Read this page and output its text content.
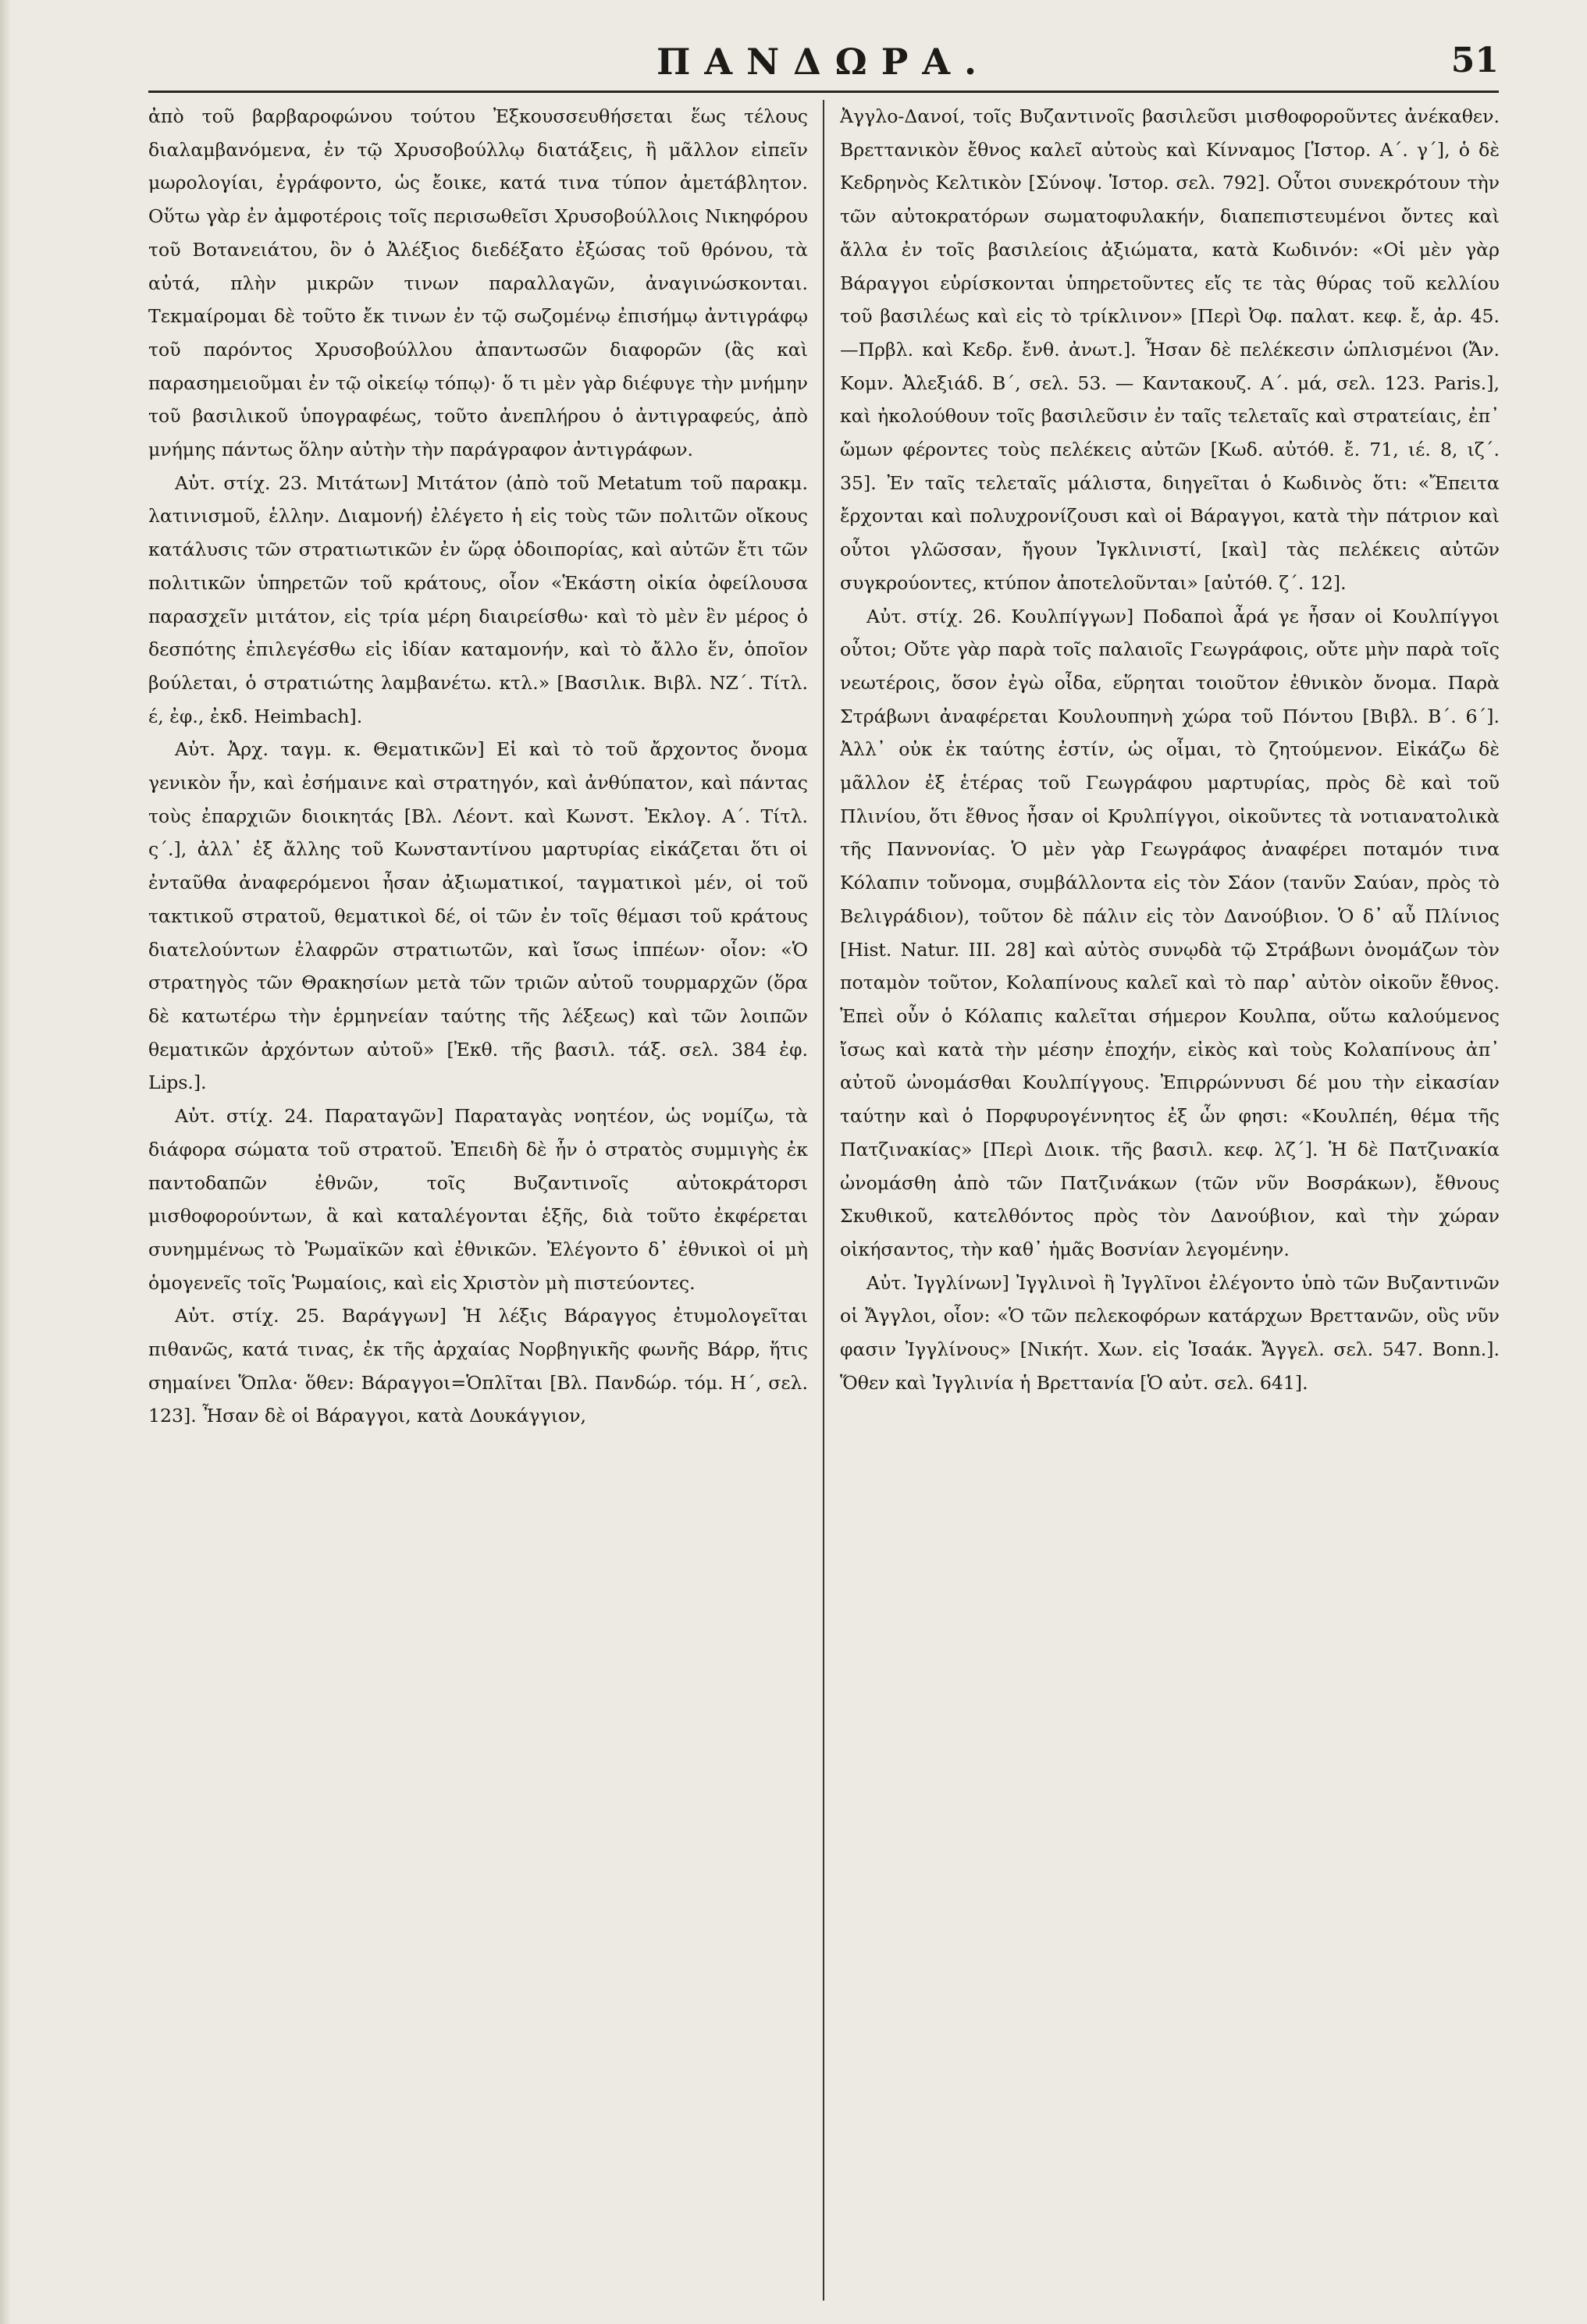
ΠΑΝΔΩΡΑ.	51

ἀπὸ τοῦ βαρβαρoφώνου τούτου Ἐξκουσσευθήσεται ἕως τέλους διαλαμβανόμενα, ἐν τῷ Χρυσοβούλλῳ διατάξεις, ἢ μᾶλλον εἰπεῖν μωρολογίαι, ἐγράφοντο, ὡς ἔοικε, κατά τινα τύπον ἀμετάβλητον. Οὕτω γὰρ ἐν ἀμφοτέροις τοῖς περισωθεῖσι Χρυσοβούλλοις Νικηφόρου τοῦ Βοτανειάτου, ὃν ὁ Ἀλέξιος διεδέξατο ἐξώσας τοῦ θρόνου, τὰ αὐτά, πλὴν μικρῶν τινων παραλλαγῶν, ἀναγινώσκονται. Τεκμαίρομαι δὲ τοῦτο ἔκ τινων ἐν τῷ σωζομένῳ ἐπισήμῳ ἀντιγράφῳ τοῦ παρόντος Χρυσοβούλλου ἀπαντωσῶν διαφορῶν (ἃς καὶ παρασημειοῦμαι ἐν τῷ οἰκείῳ τόπῳ)· ὅ τι μὲν γὰρ διέφυγε τὴν μνήμην τοῦ βασιλικοῦ ὑπογραφέως, τοῦτο ἀνεπλήρου ὁ ἀντιγραφεύς, ἀπὸ μνήμης πάντως ὅλην αὐτὴν τὴν παράγραφον ἀντιγράφων.

Αὐτ. στίχ. 23. Μιτάτων] Μιτάτον (ἀπὸ τοῦ Metatum τοῦ παρακμ. λατινισμοῦ, ἑλλην. Διαμονή) ἐλέγετο ἡ εἰς τοὺς τῶν πολιτῶν οἴκους κατάλυσις τῶν στρατιωτικῶν ἐν ὥρᾳ ὁδοιπορίας, καὶ αὐτῶν ἔτι τῶν πολιτικῶν ὑπηρετῶν τοῦ κράτους, οἷον «Ἑκάστη οἰκία ὀφείλουσα παρασχεῖν μιτάτον, εἰς τρία μέρη διαιρείσθω· καὶ τὸ μὲν ἓν μέρος ὁ δεσπότης ἐπιλεγέσθω εἰς ἰδίαν καταμονήν, καὶ τὸ ἄλλο ἕν, ὁποῖον βούλεται, ὁ στρατιώτης λαμβανέτω. κτλ.» [Βασιλικ. Βιβλ. ΝΖ΄. Τίτλ. έ, ἐφ., ἐκδ. Heimbach].

Αὐτ. Ἀρχ. ταγμ. κ. Θεματικῶν] Εἰ καὶ τὸ τοῦ ἄρχοντος ὄνομα γενικὸν ἦν, καὶ ἐσήμαινε καὶ στρατηγόν, καὶ ἀνθύπατον, καὶ πάντας τοὺς ἐπαρχιῶν διοικητάς [Βλ. Λέοντ. καὶ Κωνστ. Ἐκλογ. Α΄. Τίτλ. ς΄.], ἀλλ᾽ ἐξ ἄλλης τοῦ Κωνσταντίνου μαρτυρίας εἰκάζεται ὅτι οἱ ἐνταῦθα ἀναφερόμενοι ἦσαν ἀξιωματικοί, ταγματικοὶ μέν, οἱ τοῦ τακτικοῦ στρατοῦ, θεματικοὶ δέ, οἱ τῶν ἐν τοῖς θέμασι τοῦ κράτους διατελούντων ἐλαφρῶν στρατιωτῶν, καὶ ἴσως ἱππέων· οἷον: «Ὁ στρατηγὸς τῶν Θρακησίων μετὰ τῶν τριῶν αὐτοῦ τουρμαρχῶν (ὅρα δὲ κατωτέρω τὴν ἑρμηνείαν ταύτης τῆς λέξεως) καὶ τῶν λοιπῶν θεματικῶν ἀρχόντων αὐτοῦ» [Ἐκθ. τῆς βασιλ. τάξ. σελ. 384 ἐφ. Lips.].

Αὐτ. στίχ. 24. Παραταγῶν] Παραταγὰς νοητέον, ὡς νομίζω, τὰ διάφορα σώματα τοῦ στρατοῦ. Ἐπειδὴ δὲ ἦν ὁ στρατὸς συμμιγὴς ἐκ παντοδαπῶν ἐθνῶν, τοῖς Βυζαντινοῖς αὐτοκράτορσι μισθοφορούντων, ἃ καὶ καταλέγονται ἑξῆς, διὰ τοῦτο ἐκφέρεται συνημμένως τὸ Ῥωμαϊκῶν καὶ ἐθνικῶν. Ἐλέγοντο δ᾽ ἐθνικοὶ οἱ μὴ ὁμογενεῖς τοῖς Ῥωμαίοις, καὶ εἰς Χριστὸν μὴ πιστεύοντες.

Αὐτ. στίχ. 25. Βαράγγων] Ἡ λέξις Βάραγγος ἐτυμολογεῖται πιθανῶς, κατά τινας, ἐκ τῆς ἀρχαίας Νορβηγικῆς φωνῆς Βάρρ, ἥτις σημαίνει Ὅπλα· ὅθεν: Βάραγγοι=Ὁπλῖται [Βλ. Πανδώρ. τόμ. Η΄, σελ. 123]. Ἦσαν δὲ οἱ Βάραγγοι, κατὰ Δουκάγγιον,

Ἀγγλο-Δανοί, τοῖς Βυζαντινοῖς βασιλεῦσι μισθοφοροῦντες ἀνέκαθεν. Βρεττανικὸν ἔθνος καλεῖ αὐτοὺς καὶ Κίνναμος [Ἱστορ. Α΄. γ΄], ὁ δὲ Κεδρηνὸς Κελτικὸν [Σύνοψ. Ἱστορ. σελ. 792]. Οὗτοι συνεκρότουν τὴν τῶν αὐτοκρατόρων σωματοφυλακήν, διαπεπιστευμένοι ὄντες καὶ ἄλλα ἐν τοῖς βασιλείοις ἀξιώματα, κατὰ Κωδινόν: «Οἱ μὲν γὰρ Βάραγγοι εὑρίσκονται ὑπηρετοῦντες εἴς τε τὰς θύρας τοῦ κελλίου τοῦ βασιλέως καὶ εἰς τὸ τρίκλινον» [Περὶ Ὀφ. παλατ. κεφ. ἔ, ἀρ. 45. —Πρβλ. καὶ Κεδρ. ἔνθ. ἀνωτ.]. Ἦσαν δὲ πελέκεσιν ὡπλισμένοι (Ἄν. Κομν. Ἀλεξιάδ. Β΄, σελ. 53. — Καντακουζ. Α΄. μά, σελ. 123. Paris.], καὶ ἠκολούθουν τοῖς βασιλεῦσιν ἐν ταῖς τελεταῖς καὶ στρατείαις, ἐπ᾽ ὤμων φέροντες τοὺς πελέκεις αὐτῶν [Κωδ. αὐτόθ. ἔ. 71, ιέ. 8, ιζ΄. 35]. Ἐν ταῖς τελεταῖς μάλιστα, διηγεῖται ὁ Κωδινὸς ὅτι: «Ἔπειτα ἔρχονται καὶ πολυχρονίζουσι καὶ οἱ Βάραγγοι, κατὰ τὴν πάτριον καὶ οὗτοι γλῶσσαν, ἤγουν Ἰγκλινιστί, [καὶ] τὰς πελέκεις αὐτῶν συγκρούοντες, κτύπον ἀποτελοῦνται» [αὐτόθ. ζ΄. 12].

Αὐτ. στίχ. 26. Κουλπίγγων] Ποδαποὶ ἆρά γε ἦσαν οἱ Κουλπίγγοι οὗτοι; Οὔτε γὰρ παρὰ τοῖς παλαιοῖς Γεωγράφοις, οὔτε μὴν παρὰ τοῖς νεωτέροις, ὅσον ἐγὼ οἶδα, εὕρηται τοιοῦτον ἐθνικὸν ὄνομα. Παρὰ Στράβωνι ἀναφέρεται Κουλουπηνὴ χώρα τοῦ Πόντου [Βιβλ. Β΄. 6΄]. Ἀλλ᾽ οὐκ ἐκ ταύτης ἐστίν, ὡς οἶμαι, τὸ ζητούμενον. Εἰκάζω δὲ μᾶλλον ἐξ ἑτέρας τοῦ Γεωγράφου μαρτυρίας, πρὸς δὲ καὶ τοῦ Πλινίου, ὅτι ἔθνος ἦσαν οἱ Κρυλπίγγοι, οἰκοῦντες τὰ νοτιανατολικὰ τῆς Παννονίας. Ὁ μὲν γὰρ Γεωγράφος ἀναφέρει ποταμόν τινα Κόλαπιν τοὔνομα, συμβάλλοντα εἰς τὸν Σάον (τανῦν Σαύαν, πρὸς τὸ Βελιγράδιον), τοῦτον δὲ πάλιν εἰς τὸν Δανούβιον. Ὁ δ᾽ αὖ Πλίνιος [Hist. Natur. III. 28] καὶ αὐτὸς συνῳδὰ τῷ Στράβωνι ὀνομάζων τὸν ποταμὸν τοῦτον, Κολαπίνους καλεῖ καὶ τὸ παρ᾽ αὐτὸν οἰκοῦν ἔθνος. Ἐπεὶ οὖν ὁ Κόλαπις καλεῖται σήμερον Κουλπα, οὕτω καλούμενος ἴσως καὶ κατὰ τὴν μέσην ἐποχήν, εἰκὸς καὶ τοὺς Κολαπίνους ἀπ᾽ αὐτοῦ ὠνομάσθαι Κουλπίγγους. Ἐπιρρώννυσι δέ μου τὴν εἰκασίαν ταύτην καὶ ὁ Πορφυρογέννητος ἐξ ὧν φησι: «Κουλπέη, θέμα τῆς Πατζινακίας» [Περὶ Διοικ. τῆς βασιλ. κεφ. λζ΄]. Ἡ δὲ Πατζινακία ὠνομάσθη ἀπὸ τῶν Πατζινάκων (τῶν νῦν Βοσράκων), ἔθνους Σκυθικοῦ, κατελθόντος πρὸς τὸν Δανούβιον, καὶ τὴν χώραν οἰκήσαντος, τὴν καθ᾽ ἡμᾶς Βοσνίαν λεγομένην.

Αὐτ. Ἰγγλίνων] Ἰγγλινοὶ ἢ Ἰγγλῖνοι ἐλέγοντο ὑπὸ τῶν Βυζαντινῶν οἱ Ἄγγλοι, οἷον: «Ὁ τῶν πελεκοφόρων κατάρχων Βρεττανῶν, οὓς νῦν φασιν Ἰγγλίνους» [Νικήτ. Χων. εἰς Ἰσαάκ. Ἄγγελ. σελ. 547. Bonn.]. Ὅθεν καὶ Ἰγγλινία ἡ Βρεττανία [Ὁ αὐτ. σελ. 641].
